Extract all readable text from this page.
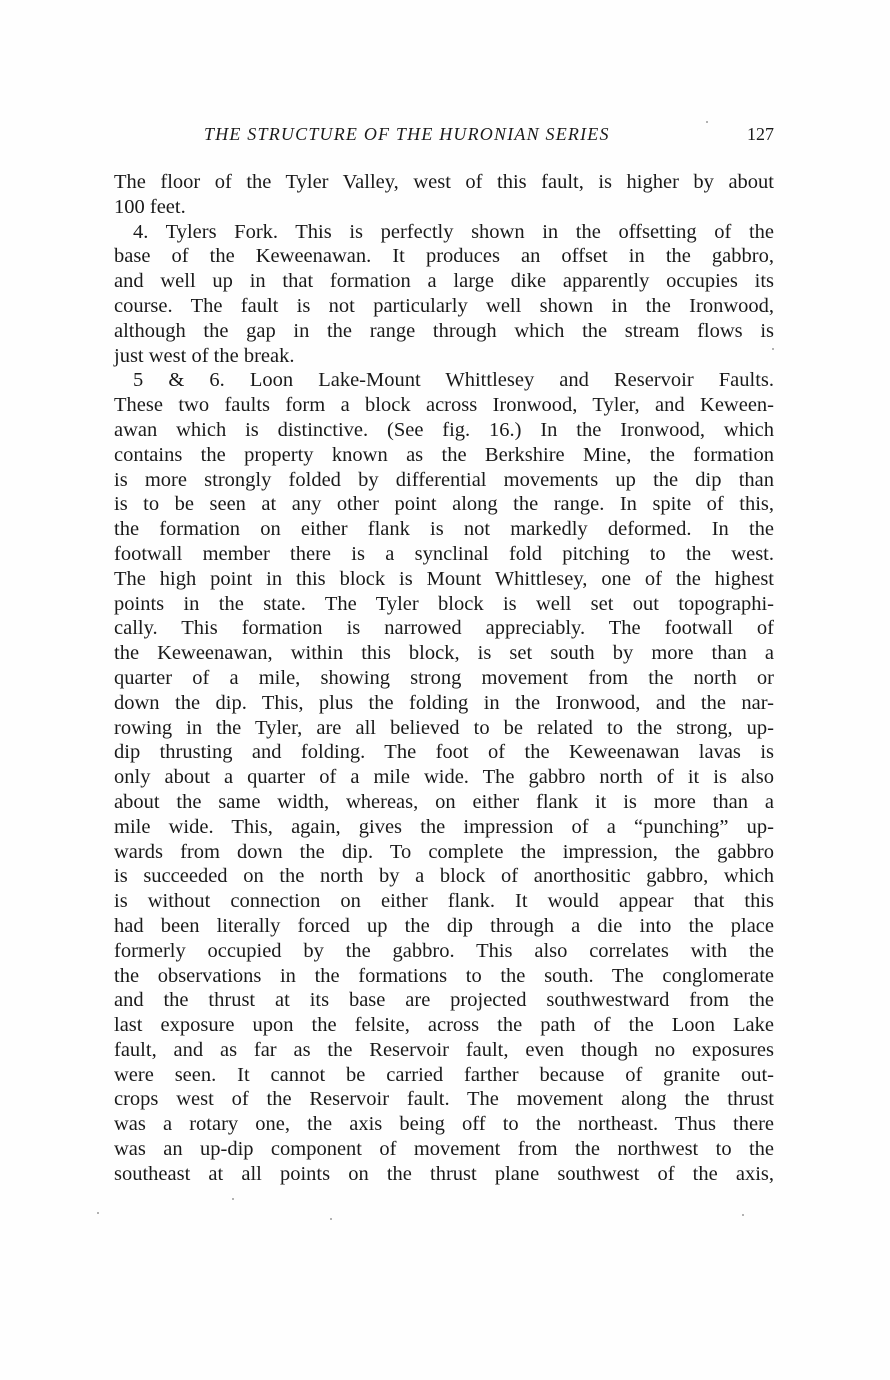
THE STRUCTURE OF THE HURONIAN SERIES	127
The floor of the Tyler Valley, west of this fault, is higher by about
100 feet.
4. Tylers Fork. This is perfectly shown in the offsetting of the
base of the Keweenawan. It produces an offset in the gabbro,
and well up in that formation a large dike apparently occupies its
course. The fault is not particularly well shown in the Ironwood,
although the gap in the range through which the stream flows is
just west of the break.
5 & 6. Loon Lake-Mount Whittlesey and Reservoir Faults.
These two faults form a block across Ironwood, Tyler, and Keween-
awan which is distinctive. (See fig. 16.) In the Ironwood, which
contains the property known as the Berkshire Mine, the formation
is more strongly folded by differential movements up the dip than
is to be seen at any other point along the range. In spite of this,
the formation on either flank is not markedly deformed. In the
footwall member there is a synclinal fold pitching to the west.
The high point in this block is Mount Whittlesey, one of the highest
points in the state. The Tyler block is well set out topographi-
cally. This formation is narrowed appreciably. The footwall of
the Keweenawan, within this block, is set south by more than a
quarter of a mile, showing strong movement from the north or
down the dip. This, plus the folding in the Ironwood, and the nar-
rowing in the Tyler, are all believed to be related to the strong, up-
dip thrusting and folding. The foot of the Keweenawan lavas is
only about a quarter of a mile wide. The gabbro north of it is also
about the same width, whereas, on either flank it is more than a
mile wide. This, again, gives the impression of a “punching” up-
wards from down the dip. To complete the impression, the gabbro
is succeeded on the north by a block of anorthositic gabbro, which
is without connection on either flank. It would appear that this
had been literally forced up the dip through a die into the place
formerly occupied by the gabbro. This also correlates with the
the observations in the formations to the south. The conglomerate
and the thrust at its base are projected southwestward from the
last exposure upon the felsite, across the path of the Loon Lake
fault, and as far as the Reservoir fault, even though no exposures
were seen. It cannot be carried farther because of granite out-
crops west of the Reservoir fault. The movement along the thrust
was a rotary one, the axis being off to the northeast. Thus there
was an up-dip component of movement from the northwest to the
southeast at all points on the thrust plane southwest of the axis,
